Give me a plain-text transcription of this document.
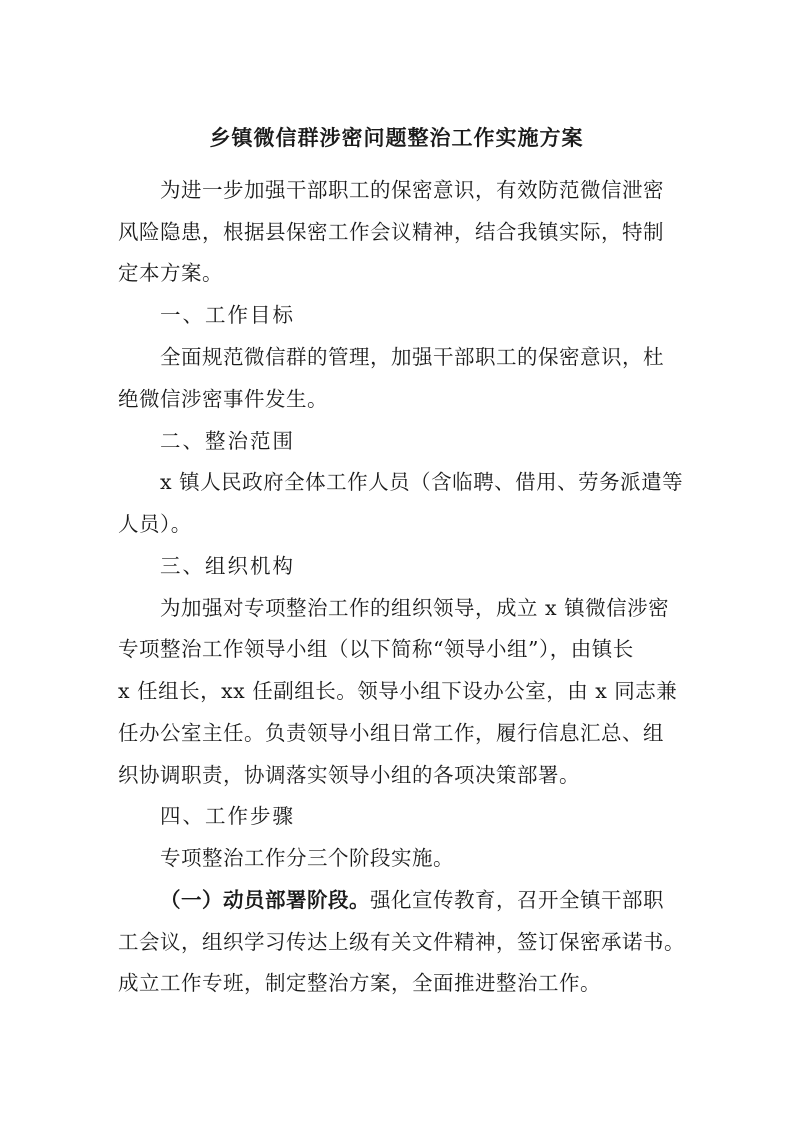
乡镇微信群涉密问题整治工作实施方案
为进一步加强干部职工的保密意识，有效防范微信泄密
风险隐患，根据县保密工作会议精神，结合我镇实际，特制
定本方案。
一、工作目标
全面规范微信群的管理，加强干部职工的保密意识，杜
绝微信涉密事件发生。
二、整治范围
x 镇人民政府全体工作人员（含临聘、借用、劳务派遣等
人员）。
三、组织机构
为加强对专项整治工作的组织领导，成立 x 镇微信涉密
专项整治工作领导小组（以下简称“领导小组”），由镇长
x 任组长，xx 任副组长。领导小组下设办公室，由 x 同志兼
任办公室主任。负责领导小组日常工作，履行信息汇总、组
织协调职责，协调落实领导小组的各项决策部署。
四、工作步骤
专项整治工作分三个阶段实施。
（一）动员部署阶段。强化宣传教育，召开全镇干部职
工会议，组织学习传达上级有关文件精神，签订保密承诺书。
成立工作专班，制定整治方案，全面推进整治工作。
